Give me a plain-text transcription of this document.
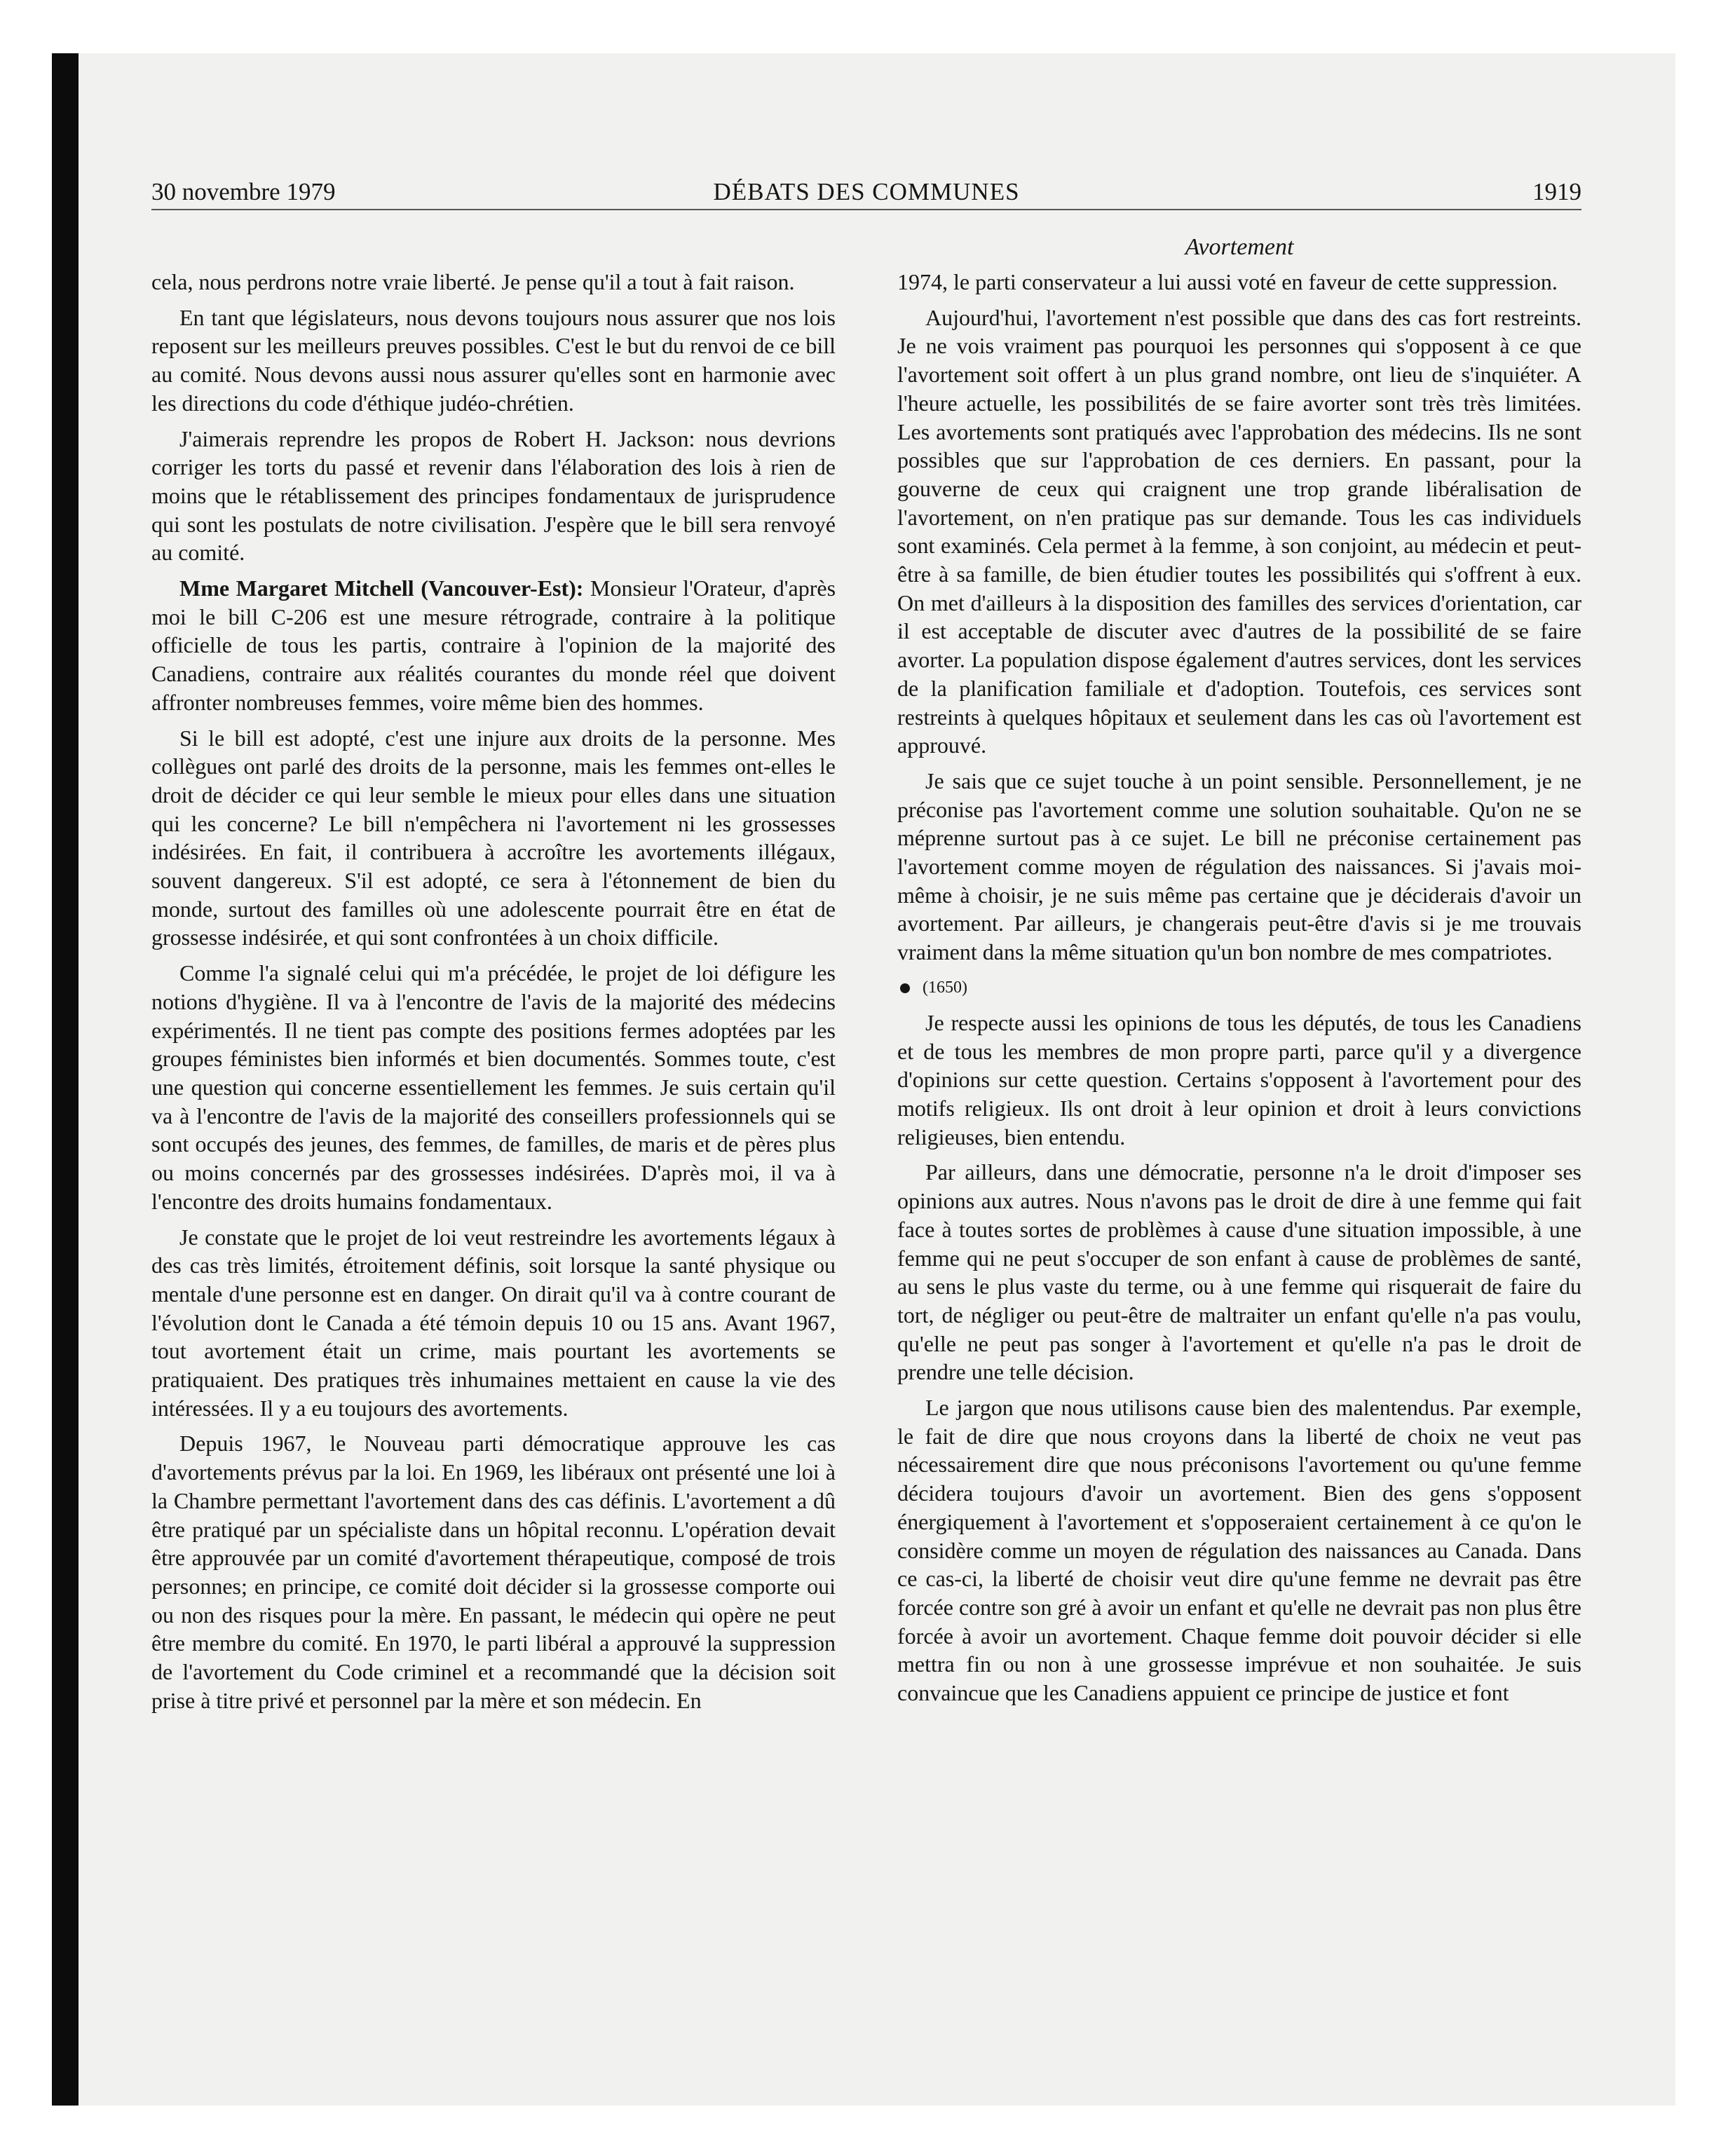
30 novembre 1979	DÉBATS DES COMMUNES	1919
Avortement

cela, nous perdrons notre vraie liberté. Je pense qu'il a tout à fait raison.

En tant que législateurs, nous devons toujours nous assurer que nos lois reposent sur les meilleurs preuves possibles. C'est le but du renvoi de ce bill au comité. Nous devons aussi nous assurer qu'elles sont en harmonie avec les directions du code d'éthique judéo-chrétien.

J'aimerais reprendre les propos de Robert H. Jackson: nous devrions corriger les torts du passé et revenir dans l'élaboration des lois à rien de moins que le rétablissement des principes fondamentaux de jurisprudence qui sont les postulats de notre civilisation. J'espère que le bill sera renvoyé au comité.

Mme Margaret Mitchell (Vancouver-Est): Monsieur l'Orateur, d'après moi le bill C-206 est une mesure rétrograde, contraire à la politique officielle de tous les partis, contraire à l'opinion de la majorité des Canadiens, contraire aux réalités courantes du monde réel que doivent affronter nombreuses femmes, voire même bien des hommes.

Si le bill est adopté, c'est une injure aux droits de la personne. Mes collègues ont parlé des droits de la personne, mais les femmes ont-elles le droit de décider ce qui leur semble le mieux pour elles dans une situation qui les concerne? Le bill n'empêchera ni l'avortement ni les grossesses indésirées. En fait, il contribuera à accroître les avortements illégaux, souvent dangereux. S'il est adopté, ce sera à l'étonnement de bien du monde, surtout des familles où une adolescente pourrait être en état de grossesse indésirée, et qui sont confrontées à un choix difficile.

Comme l'a signalé celui qui m'a précédée, le projet de loi défigure les notions d'hygiène. Il va à l'encontre de l'avis de la majorité des médecins expérimentés. Il ne tient pas compte des positions fermes adoptées par les groupes féministes bien informés et bien documentés. Sommes toute, c'est une question qui concerne essentiellement les femmes. Je suis certain qu'il va à l'encontre de l'avis de la majorité des conseillers professionnels qui se sont occupés des jeunes, des femmes, de familles, de maris et de pères plus ou moins concernés par des grossesses indésirées. D'après moi, il va à l'encontre des droits humains fondamentaux.

Je constate que le projet de loi veut restreindre les avortements légaux à des cas très limités, étroitement définis, soit lorsque la santé physique ou mentale d'une personne est en danger. On dirait qu'il va à contre courant de l'évolution dont le Canada a été témoin depuis 10 ou 15 ans. Avant 1967, tout avortement était un crime, mais pourtant les avortements se pratiquaient. Des pratiques très inhumaines mettaient en cause la vie des intéressées. Il y a eu toujours des avortements.

Depuis 1967, le Nouveau parti démocratique approuve les cas d'avortements prévus par la loi. En 1969, les libéraux ont présenté une loi à la Chambre permettant l'avortement dans des cas définis. L'avortement a dû être pratiqué par un spécialiste dans un hôpital reconnu. L'opération devait être approuvée par un comité d'avortement thérapeutique, composé de trois personnes; en principe, ce comité doit décider si la grossesse comporte oui ou non des risques pour la mère. En passant, le médecin qui opère ne peut être membre du comité. En 1970, le parti libéral a approuvé la suppression de l'avortement du Code criminel et a recommandé que la décision soit prise à titre privé et personnel par la mère et son médecin. En

1974, le parti conservateur a lui aussi voté en faveur de cette suppression.

Aujourd'hui, l'avortement n'est possible que dans des cas fort restreints. Je ne vois vraiment pas pourquoi les personnes qui s'opposent à ce que l'avortement soit offert à un plus grand nombre, ont lieu de s'inquiéter. A l'heure actuelle, les possibilités de se faire avorter sont très très limitées. Les avortements sont pratiqués avec l'approbation des médecins. Ils ne sont possibles que sur l'approbation de ces derniers. En passant, pour la gouverne de ceux qui craignent une trop grande libéralisation de l'avortement, on n'en pratique pas sur demande. Tous les cas individuels sont examinés. Cela permet à la femme, à son conjoint, au médecin et peut-être à sa famille, de bien étudier toutes les possibilités qui s'offrent à eux. On met d'ailleurs à la disposition des familles des services d'orientation, car il est acceptable de discuter avec d'autres de la possibilité de se faire avorter. La population dispose également d'autres services, dont les services de la planification familiale et d'adoption. Toutefois, ces services sont restreints à quelques hôpitaux et seulement dans les cas où l'avortement est approuvé.

Je sais que ce sujet touche à un point sensible. Personnellement, je ne préconise pas l'avortement comme une solution souhaitable. Qu'on ne se méprenne surtout pas à ce sujet. Le bill ne préconise certainement pas l'avortement comme moyen de régulation des naissances. Si j'avais moi-même à choisir, je ne suis même pas certaine que je déciderais d'avoir un avortement. Par ailleurs, je changerais peut-être d'avis si je me trouvais vraiment dans la même situation qu'un bon nombre de mes compatriotes.

(1650)

Je respecte aussi les opinions de tous les députés, de tous les Canadiens et de tous les membres de mon propre parti, parce qu'il y a divergence d'opinions sur cette question. Certains s'opposent à l'avortement pour des motifs religieux. Ils ont droit à leur opinion et droit à leurs convictions religieuses, bien entendu.

Par ailleurs, dans une démocratie, personne n'a le droit d'imposer ses opinions aux autres. Nous n'avons pas le droit de dire à une femme qui fait face à toutes sortes de problèmes à cause d'une situation impossible, à une femme qui ne peut s'occuper de son enfant à cause de problèmes de santé, au sens le plus vaste du terme, ou à une femme qui risquerait de faire du tort, de négliger ou peut-être de maltraiter un enfant qu'elle n'a pas voulu, qu'elle ne peut pas songer à l'avortement et qu'elle n'a pas le droit de prendre une telle décision.

Le jargon que nous utilisons cause bien des malentendus. Par exemple, le fait de dire que nous croyons dans la liberté de choix ne veut pas nécessairement dire que nous préconisons l'avortement ou qu'une femme décidera toujours d'avoir un avortement. Bien des gens s'opposent énergiquement à l'avortement et s'opposeraient certainement à ce qu'on le considère comme un moyen de régulation des naissances au Canada. Dans ce cas-ci, la liberté de choisir veut dire qu'une femme ne devrait pas être forcée contre son gré à avoir un enfant et qu'elle ne devrait pas non plus être forcée à avoir un avortement. Chaque femme doit pouvoir décider si elle mettra fin ou non à une grossesse imprévue et non souhaitée. Je suis convaincue que les Canadiens appuient ce principe de justice et font
